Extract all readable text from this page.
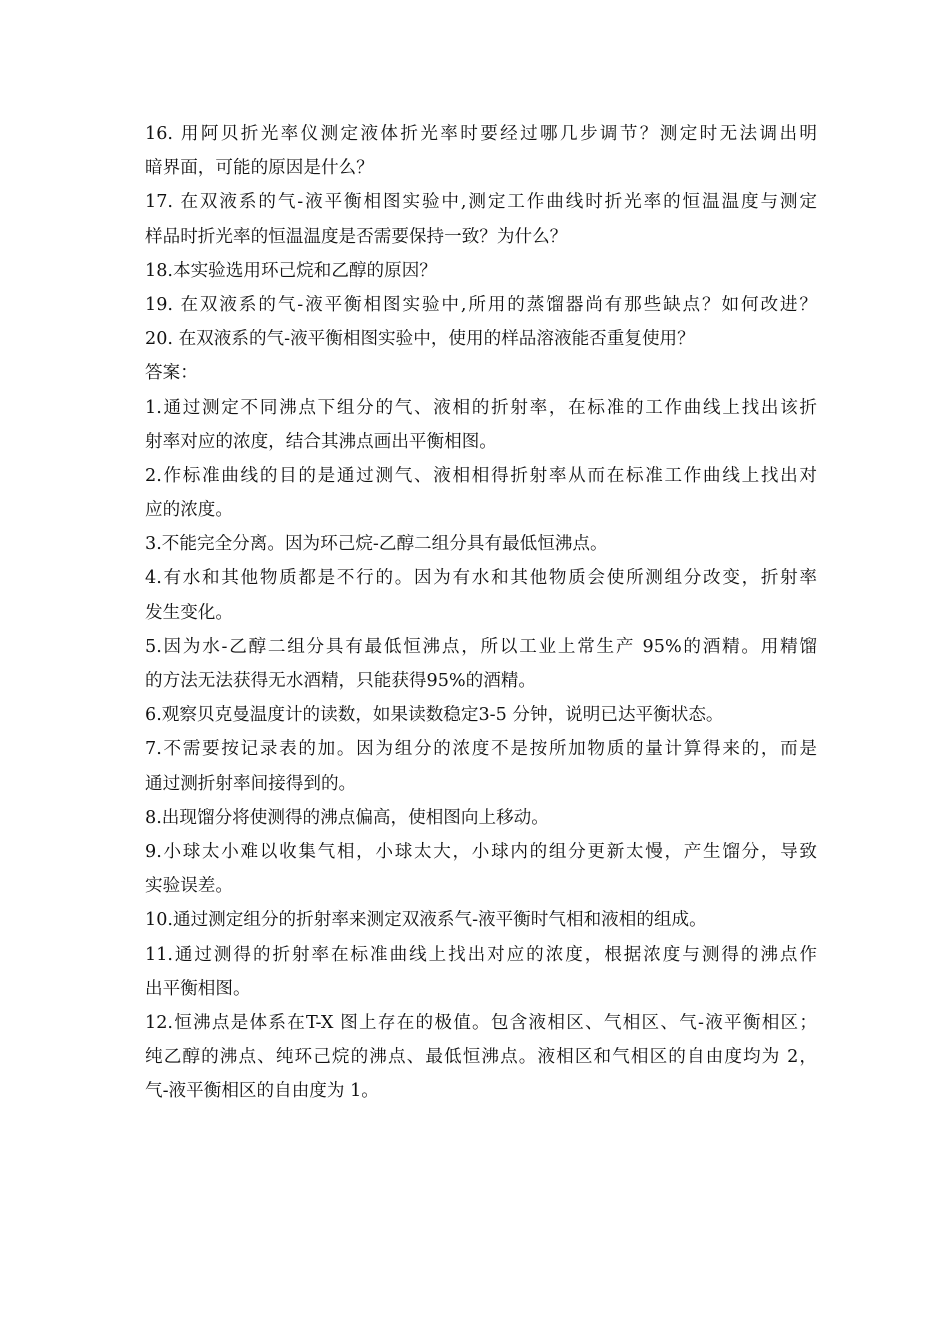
16. 用阿贝折光率仪测定液体折光率时要经过哪几步调节？测定时无法调出明
暗界面，可能的原因是什么？
17. 在双液系的气-液平衡相图实验中,测定工作曲线时折光率的恒温温度与测定
样品时折光率的恒温温度是否需要保持一致？为什么？
18.本实验选用环己烷和乙醇的原因？
19. 在双液系的气-液平衡相图实验中,所用的蒸馏器尚有那些缺点？如何改进？
20. 在双液系的气-液平衡相图实验中，使用的样品溶液能否重复使用？
答案：
1.通过测定不同沸点下组分的气、液相的折射率，在标准的工作曲线上找出该折
射率对应的浓度，结合其沸点画出平衡相图。
2.作标准曲线的目的是通过测气、液相相得折射率从而在标准工作曲线上找出对
应的浓度。
3.不能完全分离。因为环己烷-乙醇二组分具有最低恒沸点。
4.有水和其他物质都是不行的。因为有水和其他物质会使所测组分改变，折射率
发生变化。
5.因为水-乙醇二组分具有最低恒沸点，所以工业上常生产 95%的酒精。用精馏
的方法无法获得无水酒精，只能获得95%的酒精。
6.观察贝克曼温度计的读数，如果读数稳定3-5 分钟，说明已达平衡状态。
7.不需要按记录表的加。因为组分的浓度不是按所加物质的量计算得来的，而是
通过测折射率间接得到的。
8.出现馏分将使测得的沸点偏高，使相图向上移动。
9.小球太小难以收集气相，小球太大，小球内的组分更新太慢，产生馏分，导致
实验误差。
10.通过测定组分的折射率来测定双液系气-液平衡时气相和液相的组成。
11.通过测得的折射率在标准曲线上找出对应的浓度，根据浓度与测得的沸点作
出平衡相图。
12.恒沸点是体系在T-X 图上存在的极值。包含液相区、气相区、气-液平衡相区；
纯乙醇的沸点、纯环己烷的沸点、最低恒沸点。液相区和气相区的自由度均为 2，
气-液平衡相区的自由度为 1。
